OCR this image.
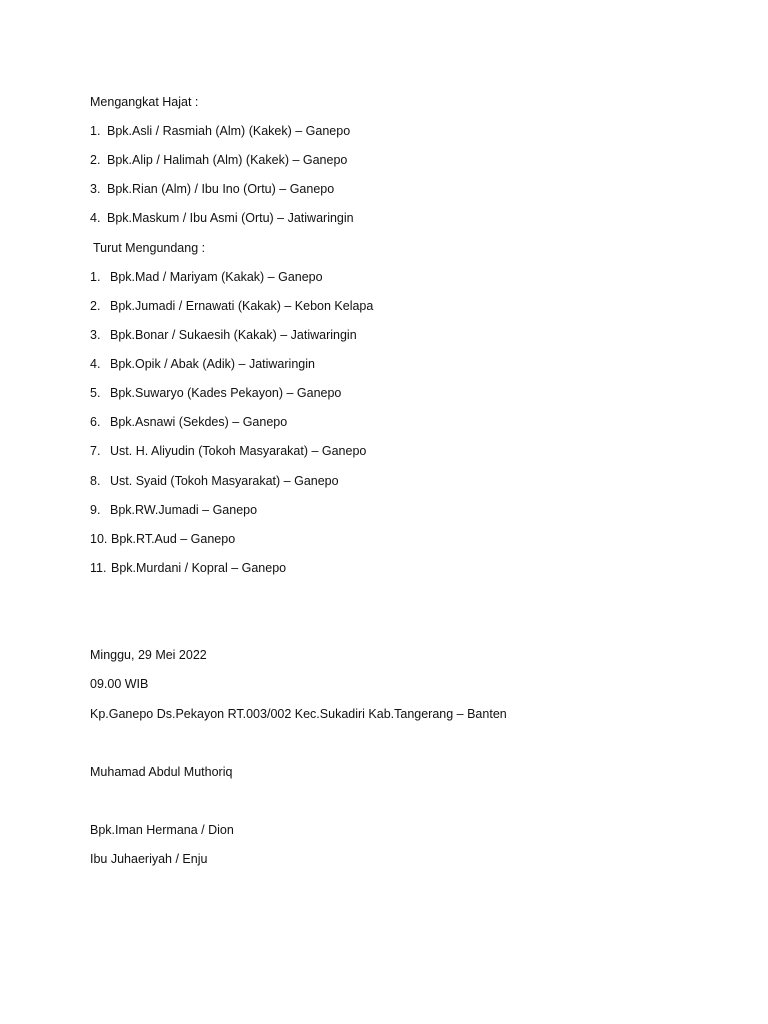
Mengangkat Hajat :
1. Bpk.Asli / Rasmiah (Alm) (Kakek) – Ganepo
2. Bpk.Alip / Halimah (Alm) (Kakek) – Ganepo
3. Bpk.Rian (Alm) / Ibu Ino (Ortu) – Ganepo
4. Bpk.Maskum / Ibu Asmi (Ortu) – Jatiwaringin
Turut Mengundang :
1. Bpk.Mad / Mariyam (Kakak) – Ganepo
2. Bpk.Jumadi / Ernawati (Kakak) – Kebon Kelapa
3. Bpk.Bonar / Sukaesih (Kakak) – Jatiwaringin
4. Bpk.Opik / Abak (Adik) – Jatiwaringin
5. Bpk.Suwaryo (Kades Pekayon) – Ganepo
6. Bpk.Asnawi (Sekdes) – Ganepo
7. Ust. H. Aliyudin (Tokoh Masyarakat) – Ganepo
8. Ust. Syaid (Tokoh Masyarakat) – Ganepo
9. Bpk.RW.Jumadi – Ganepo
10. Bpk.RT.Aud – Ganepo
11. Bpk.Murdani / Kopral – Ganepo
Minggu, 29 Mei 2022
09.00 WIB
Kp.Ganepo Ds.Pekayon RT.003/002 Kec.Sukadiri Kab.Tangerang – Banten
Muhamad Abdul Muthoriq
Bpk.Iman Hermana / Dion
Ibu Juhaeriyah / Enju
